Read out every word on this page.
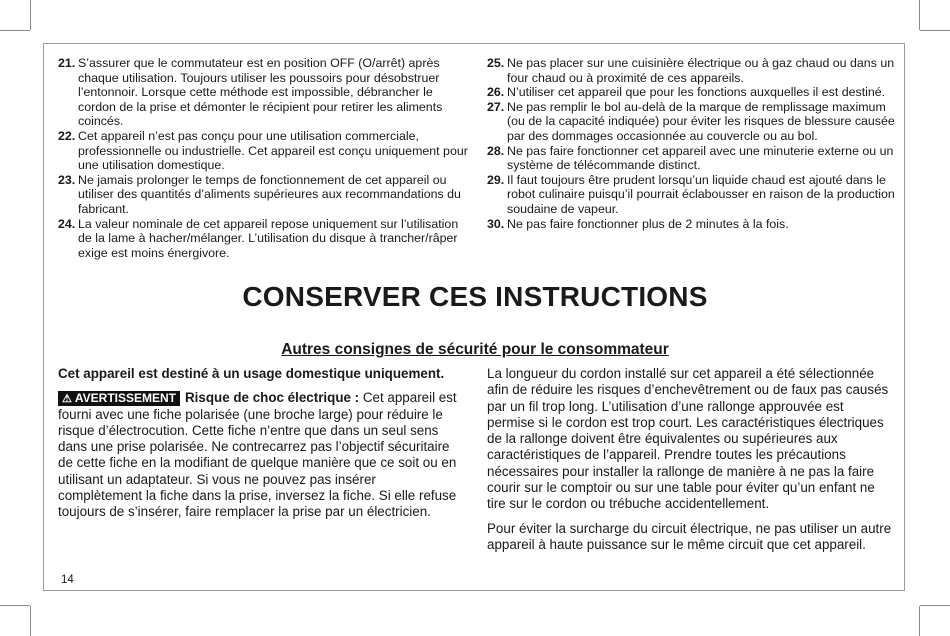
21. S’assurer que le commutateur est en position OFF (O/arrêt) après chaque utilisation. Toujours utiliser les poussoirs pour désobstruer l’entonnoir. Lorsque cette méthode est impossible, débrancher le cordon de la prise et démonter le récipient pour retirer les aliments coincés.
22. Cet appareil n’est pas conçu pour une utilisation commerciale, professionnelle ou industrielle. Cet appareil est conçu uniquement pour une utilisation domestique.
23. Ne jamais prolonger le temps de fonctionnement de cet appareil ou utiliser des quantités d’aliments supérieures aux recommandations du fabricant.
24. La valeur nominale de cet appareil repose uniquement sur l’utilisation de la lame à hacher/mélanger. L’utilisation du disque à trancher/râper exige est moins énergivore.
25. Ne pas placer sur une cuisinière électrique ou à gaz chaud ou dans un four chaud ou à proximité de ces appareils.
26. N’utiliser cet appareil que pour les fonctions auxquelles il est destiné.
27. Ne pas remplir le bol au-delà de la marque de remplissage maximum (ou de la capacité indiquée) pour éviter les risques de blessure causée par des dommages occasionnée au couvercle ou au bol.
28. Ne pas faire fonctionner cet appareil avec une minuterie externe ou un système de télécommande distinct.
29. Il faut toujours être prudent lorsqu’un liquide chaud est ajouté dans le robot culinaire puisqu’il pourrait éclabousser en raison de la production soudaine de vapeur.
30. Ne pas faire fonctionner plus de 2 minutes à la fois.
CONSERVER CES INSTRUCTIONS
Autres consignes de sécurité pour le consommateur
Cet appareil est destiné à un usage domestique uniquement.
⚠ AVERTISSEMENT Risque de choc électrique : Cet appareil est fourni avec une fiche polarisée (une broche large) pour réduire le risque d’électrocution. Cette fiche n’entre que dans un seul sens dans une prise polarisée. Ne contrecarrez pas l’objectif sécuritaire de cette fiche en la modifiant de quelque manière que ce soit ou en utilisant un adaptateur. Si vous ne pouvez pas insérer complètement la fiche dans la prise, inversez la fiche. Si elle refuse toujours de s’insérer, faire remplacer la prise par un électricien.
La longueur du cordon installé sur cet appareil a été sélectionnée afin de réduire les risques d’enchevêtrement ou de faux pas causés par un fil trop long. L’utilisation d’une rallonge approuvée est permise si le cordon est trop court. Les caractéristiques électriques de la rallonge doivent être équivalentes ou supérieures aux caractéristiques de l’appareil. Prendre toutes les précautions nécessaires pour installer la rallonge de manière à ne pas la faire courir sur le comptoir ou sur une table pour éviter qu’un enfant ne tire sur le cordon ou trébuche accidentellement.
Pour éviter la surcharge du circuit électrique, ne pas utiliser un autre appareil à haute puissance sur le même circuit que cet appareil.
14
